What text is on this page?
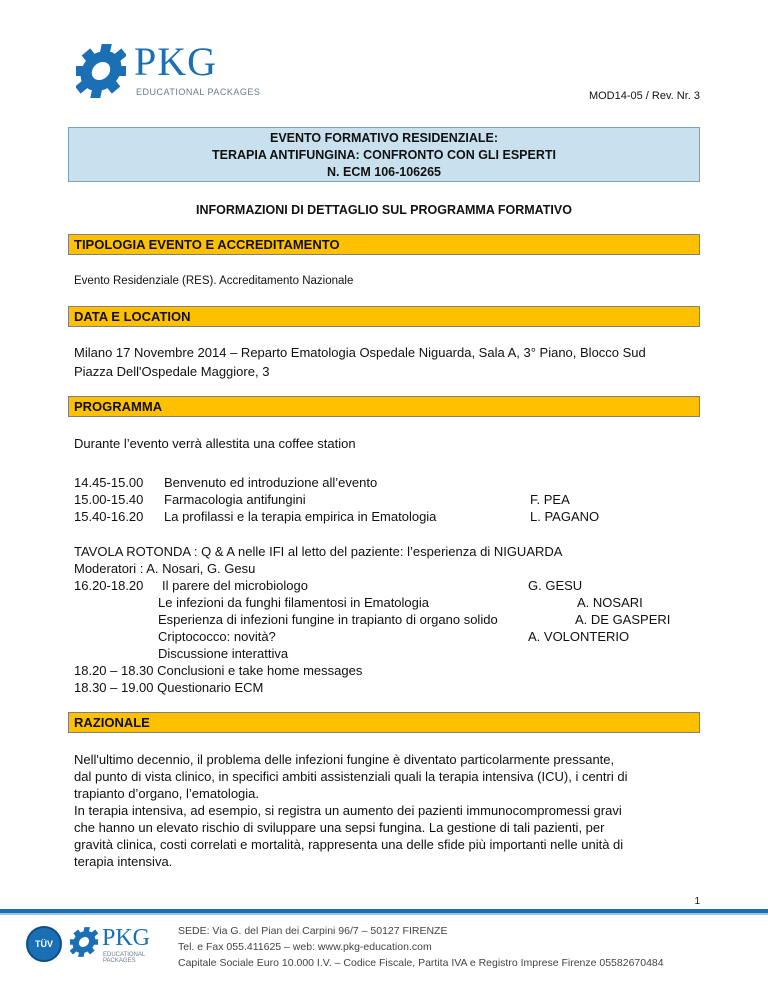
PKG
EDUCATIONAL PACKAGES	MOD14-05 / Rev. Nr. 3
EVENTO FORMATIVO RESIDENZIALE:
TERAPIA ANTIFUNGINA: CONFRONTO CON GLI ESPERTI
N. ECM 106-106265
INFORMAZIONI DI DETTAGLIO SUL PROGRAMMA FORMATIVO
TIPOLOGIA EVENTO E ACCREDITAMENTO
Evento Residenziale (RES). Accreditamento Nazionale
DATA E LOCATION
Milano 17 Novembre 2014 – Reparto Ematologia Ospedale Niguarda, Sala A, 3° Piano, Blocco Sud
Piazza Dell'Ospedale Maggiore, 3
PROGRAMMA
Durante l’evento verrà allestita una coffee station
14.45-15.00 Benvenuto ed introduzione all’evento
15.00-15.40 Farmacologia antifungini	F. PEA
15.40-16.20 La profilassi e la terapia empirica in Ematologia	L. PAGANO
TAVOLA ROTONDA : Q & A nelle IFI al letto del paziente: l’esperienza di NIGUARDA
Moderatori : A. Nosari, G. Gesu
16.20-18.20 Il parere del microbiologo	G. GESU
Le infezioni da funghi filamentosi in Ematologia	A. NOSARI
Esperienza di infezioni fungine in trapianto di organo solido	A. DE GASPERI
Criptococco: novità?	A. VOLONTERIO
Discussione interattiva
18.20 – 18.30 Conclusioni e take home messages
18.30 – 19.00 Questionario ECM
RAZIONALE
Nell'ultimo decennio, il problema delle infezioni fungine è diventato particolarmente pressante,
dal punto di vista clinico, in specifici ambiti assistenziali quali la terapia intensiva (ICU), i centri di
trapianto d’organo, l’ematologia.
In terapia intensiva, ad esempio, si registra un aumento dei pazienti immunocompromessi gravi
che hanno un elevato rischio di sviluppare una sepsi fungina. La gestione di tali pazienti, per
gravità clinica, costi correlati e mortalità, rappresenta una delle sfide più importanti nelle unità di
terapia intensiva.
1
TÜV	PKG
EDUCATIONAL PACKAGES
SEDE: Via G. del Pian dei Carpini 96/7 – 50127 FIRENZE
Tel. e Fax 055.411625 – web: www.pkg-education.com
Capitale Sociale Euro 10.000 I.V. – Codice Fiscale, Partita IVA e Registro Imprese Firenze 05582670484
